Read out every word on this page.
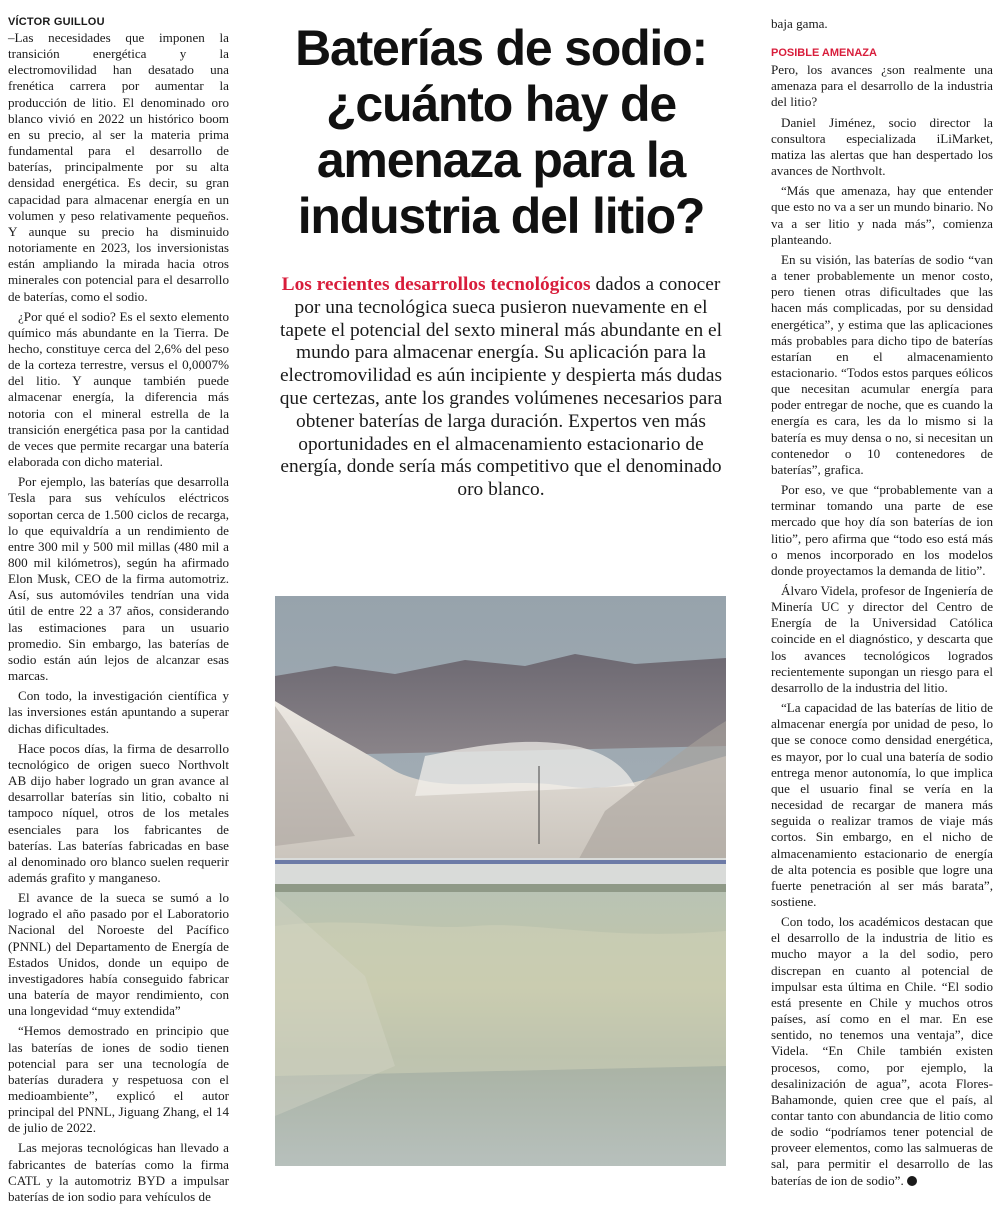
VÍCTOR GUILLOU

–Las necesidades que imponen la transición energética y la electromovilidad han desatado una frenética carrera por aumentar la producción de litio. El denominado oro blanco vivió en 2022 un histórico boom en su precio, al ser la materia prima fundamental para el desarrollo de baterías, principalmente por su alta densidad energética. Es decir, su gran capacidad para almacenar energía en un volumen y peso relativamente pequeños. Y aunque su precio ha disminuido notoriamente en 2023, los inversionistas están ampliando la mirada hacia otros minerales con potencial para el desarrollo de baterías, como el sodio.

¿Por qué el sodio? Es el sexto elemento químico más abundante en la Tierra. De hecho, constituye cerca del 2,6% del peso de la corteza terrestre, versus el 0,0007% del litio. Y aunque también puede almacenar energía, la diferencia más notoria con el mineral estrella de la transición energética pasa por la cantidad de veces que permite recargar una batería elaborada con dicho material.

Por ejemplo, las baterías que desarrolla Tesla para sus vehículos eléctricos soportan cerca de 1.500 ciclos de recarga, lo que equivaldría a un rendimiento de entre 300 mil y 500 mil millas (480 mil a 800 mil kilómetros), según ha afirmado Elon Musk, CEO de la firma automotriz. Así, sus automóviles tendrían una vida útil de entre 22 a 37 años, considerando las estimaciones para un usuario promedio. Sin embargo, las baterías de sodio están aún lejos de alcanzar esas marcas.

Con todo, la investigación científica y las inversiones están apuntando a superar dichas dificultades.

Hace pocos días, la firma de desarrollo tecnológico de origen sueco Northvolt AB dijo haber logrado un gran avance al desarrollar baterías sin litio, cobalto ni tampoco níquel, otros de los metales esenciales para los fabricantes de baterías. Las baterías fabricadas en base al denominado oro blanco suelen requerir además grafito y manganeso.

El avance de la sueca se sumó a lo logrado el año pasado por el Laboratorio Nacional del Noroeste del Pacífico (PNNL) del Departamento de Energía de Estados Unidos, donde un equipo de investigadores había conseguido fabricar una batería de mayor rendimiento, con una longevidad “muy extendida”

“Hemos demostrado en principio que las baterías de iones de sodio tienen potencial para ser una tecnología de baterías duradera y respetuosa con el medioambiente”, explicó el autor principal del PNNL, Jiguang Zhang, el 14 de julio de 2022.

Las mejoras tecnológicas han llevado a fabricantes de baterías como la firma CATL y la automotriz BYD a impulsar baterías de ion sodio para vehículos de

Baterías de sodio: ¿cuánto hay de amenaza para la industria del litio?

Los recientes desarrollos tecnológicos dados a conocer por una tecnológica sueca pusieron nuevamente en el tapete el potencial del sexto mineral más abundante en el mundo para almacenar energía. Su aplicación para la electromovilidad es aún incipiente y despierta más dudas que certezas, ante los grandes volúmenes necesarios para obtener baterías de larga duración. Expertos ven más oportunidades en el almacenamiento estacionario de energía, donde sería más competitivo que el denominado oro blanco.

baja gama.

POSIBLE AMENAZA

Pero, los avances ¿son realmente una amenaza para el desarrollo de la industria del litio?

Daniel Jiménez, socio director la consultora especializada iLiMarket, matiza las alertas que han despertado los avances de Northvolt.

“Más que amenaza, hay que entender que esto no va a ser un mundo binario. No va a ser litio y nada más”, comienza planteando.

En su visión, las baterías de sodio “van a tener probablemente un menor costo, pero tienen otras dificultades que las hacen más complicadas, por su densidad energética”, y estima que las aplicaciones más probables para dicho tipo de baterías estarían en el almacenamiento estacionario. “Todos estos parques eólicos que necesitan acumular energía para poder entregar de noche, que es cuando la energía es cara, les da lo mismo si la batería es muy densa o no, si necesitan un contenedor o 10 contenedores de baterías”, grafica.

Por eso, ve que “probablemente van a terminar tomando una parte de ese mercado que hoy día son baterías de ion litio”, pero afirma que “todo eso está más o menos incorporado en los modelos donde proyectamos la demanda de litio”.

Álvaro Videla, profesor de Ingeniería de Minería UC y director del Centro de Energía de la Universidad Católica coincide en el diagnóstico, y descarta que los avances tecnológicos logrados recientemente supongan un riesgo para el desarrollo de la industria del litio.

“La capacidad de las baterías de litio de almacenar energía por unidad de peso, lo que se conoce como densidad energética, es mayor, por lo cual una batería de sodio entrega menor autonomía, lo que implica que el usuario final se vería en la necesidad de recargar de manera más seguida o realizar tramos de viaje más cortos. Sin embargo, en el nicho de almacenamiento estacionario de energía de alta potencia es posible que logre una fuerte penetración al ser más barata”, sostiene.

Con todo, los académicos destacan que el desarrollo de la industria de litio es mucho mayor a la del sodio, pero discrepan en cuanto al potencial de impulsar esta última en Chile. “El sodio está presente en Chile y muchos otros países, así como en el mar. En ese sentido, no tenemos una ventaja”, dice Videla. “En Chile también existen procesos, como, por ejemplo, la desalinización de agua”, acota Flores-Bahamonde, quien cree que el país, al contar tanto con abundancia de litio como de sodio “podríamos tener potencial de proveer elementos, como las salmueras de sal, para permitir el desarrollo de las baterías de ion de sodio”.
